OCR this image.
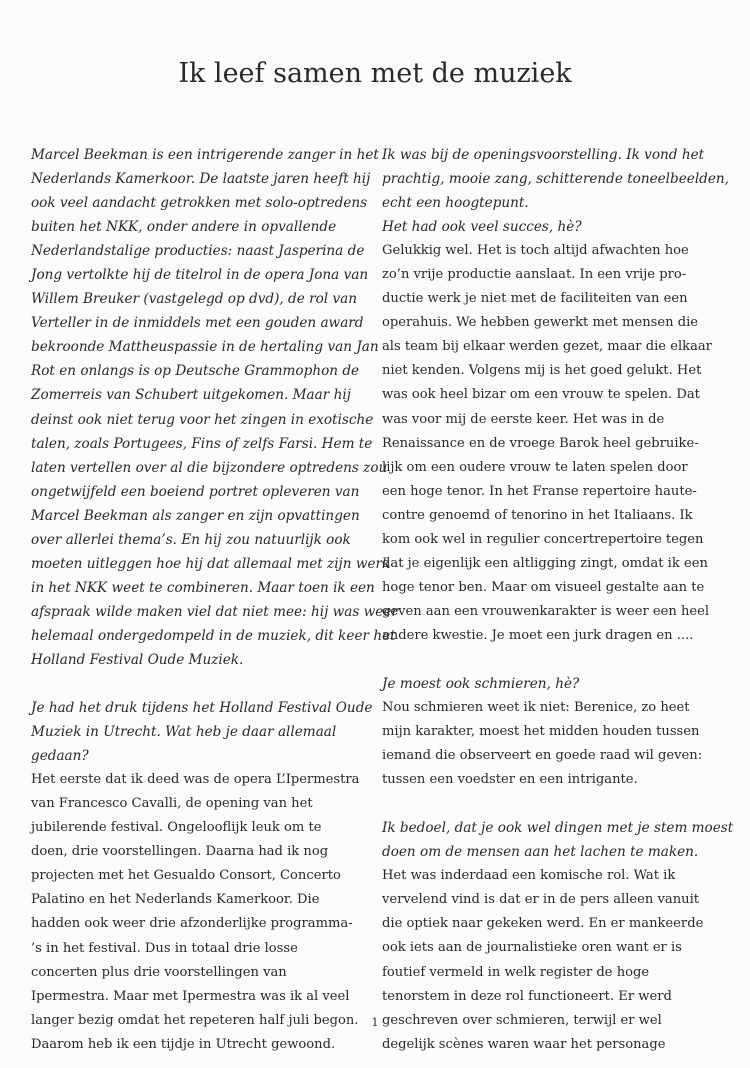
Ik leef samen met de muziek
Marcel Beekman is een intrigerende zanger in het
Nederlands Kamerkoor. De laatste jaren heeft hij
ook veel aandacht getrokken met solo-optredens
buiten het NKK, onder andere in opvallende
Nederlandstalige producties: naast Jasperina de
Jong vertolkte hij de titelrol in de opera Jona van
Willem Breuker (vastgelegd op dvd), de rol van
Verteller in de inmiddels met een gouden award
bekroonde Mattheuspassie in de hertaling van Jan
Rot en onlangs is op Deutsche Grammophon de
Zomerreis van Schubert uitgekomen. Maar hij
deinst ook niet terug voor het zingen in exotische
talen, zoals Portugees, Fins of zelfs Farsi. Hem te
laten vertellen over al die bijzondere optredens zou
ongetwijfeld een boeiend portret opleveren van
Marcel Beekman als zanger en zijn opvattingen
over allerlei thema’s. En hij zou natuurlijk ook
moeten uitleggen hoe hij dat allemaal met zijn werk
in het NKK weet te combineren. Maar toen ik een
afspraak wilde maken viel dat niet mee: hij was weer
helemaal ondergedompeld in de muziek, dit keer het
Holland Festival Oude Muziek.
Je had het druk tijdens het Holland Festival Oude
Muziek in Utrecht. Wat heb je daar allemaal
gedaan?
Het eerste dat ik deed was de opera L’Ipermestra
van Francesco Cavalli, de opening van het
jubilerende festival. Ongelooflijk leuk om te
doen, drie voorstellingen. Daarna had ik nog
projecten met het Gesualdo Consort, Concerto
Palatino en het Nederlands Kamerkoor. Die
hadden ook weer drie afzonderlijke programma-
’s in het festival. Dus in totaal drie losse
concerten plus drie voorstellingen van
Ipermestra. Maar met Ipermestra was ik al veel
langer bezig omdat het repeteren half juli begon.
Daarom heb ik een tijdje in Utrecht gewoond.
Ik was bij de openingsvoorstelling. Ik vond het
prachtig, mooie zang, schitterende toneelbeelden,
echt een hoogtepunt.
Het had ook veel succes, hè?
Gelukkig wel. Het is toch altijd afwachten hoe
zo’n vrije productie aanslaat. In een vrije pro-
ductie werk je niet met de faciliteiten van een
operahuis. We hebben gewerkt met mensen die
als team bij elkaar werden gezet, maar die elkaar
niet kenden. Volgens mij is het goed gelukt. Het
was ook heel bizar om een vrouw te spelen. Dat
was voor mij de eerste keer. Het was in de
Renaissance en de vroege Barok heel gebruike-
lijk om een oudere vrouw te laten spelen door
een hoge tenor. In het Franse repertoire haute-
contre genoemd of tenorino in het Italiaans. Ik
kom ook wel in regulier concertrepertoire tegen
dat je eigenlijk een altligging zingt, omdat ik een
hoge tenor ben. Maar om visueel gestalte aan te
geven aan een vrouwenkarakter is weer een heel
andere kwestie. Je moet een jurk dragen en ....
Je moest ook schmieren, hè?
Nou schmieren weet ik niet: Berenice, zo heet
mijn karakter, moest het midden houden tussen
iemand die observeert en goede raad wil geven:
tussen een voedster en een intrigante.
Ik bedoel, dat je ook wel dingen met je stem moest
doen om de mensen aan het lachen te maken.
Het was inderdaad een komische rol. Wat ik
vervelend vind is dat er in de pers alleen vanuit
die optiek naar gekeken werd. En er mankeerde
ook iets aan de journalistieke oren want er is
foutief vermeld in welk register de hoge
tenorstem in deze rol functioneert. Er werd
geschreven over schmieren, terwijl er wel
degelijk scènes waren waar het personage
1
